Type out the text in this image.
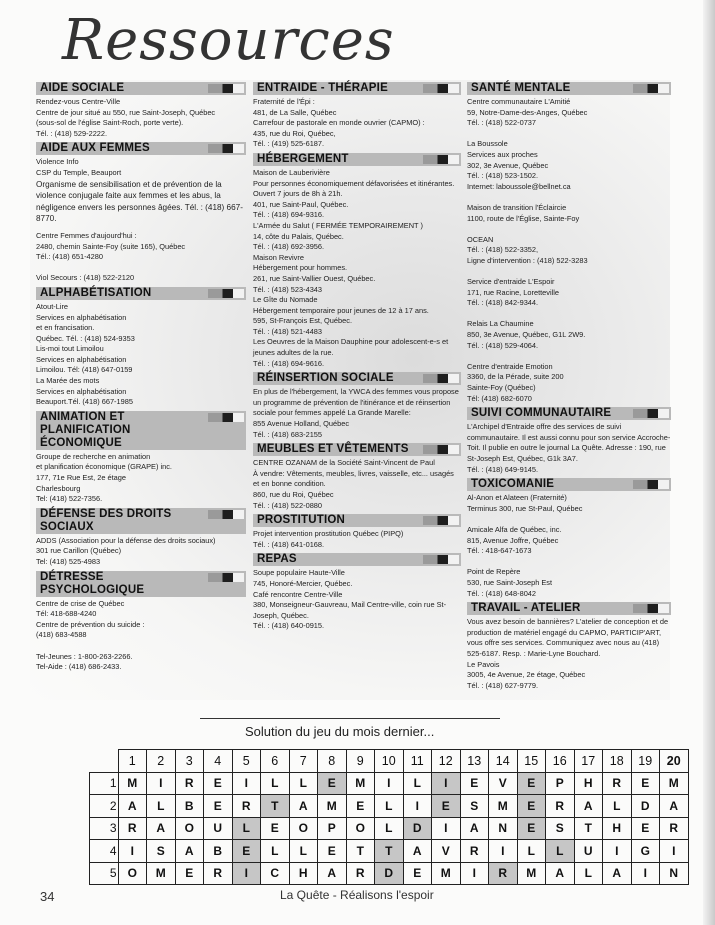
Ressources
AIDE SOCIALE
Rendez-vous Centre-Ville
Centre de jour situé au 550, rue Saint-Joseph, Québec
(sous-sol de l'église Saint-Roch, porte verte).
Tél. : (418) 529-2222.
AIDE AUX FEMMES
Violence Info
CSP du Temple, Beauport
Organisme de sensibilisation et de prévention de la violence conjugale faite aux femmes et les abus, la négligence envers les personnes âgées. Tél. : (418) 667-8770.
Centre Femmes d'aujourd'hui :
2480, chemin Sainte-Foy (suite 165), Québec
Tél.: (418) 651-4280

Viol Secours : (418) 522-2120
ALPHABÉTISATION
Atout-Lire
Services en alphabétisation
et en francisation.
Québec. Tél. : (418) 524-9353
Lis-moi tout Limoilou
Services en alphabétisation
Limoilou. Tél: (418) 647-0159
La Marée des mots
Services en alphabétisation
Beauport.Tél. (418) 667-1985
ANIMATION ET PLANIFICATION ÉCONOMIQUE
Groupe de recherche en animation
et planification économique (GRAPE) inc.
177, 71e Rue Est, 2e étage
Charlesbourg
Tel: (418) 522-7356.
DÉFENSE DES DROITS SOCIAUX
ADDS (Association pour la défense des droits sociaux)
301 rue Carillon (Québec)
Tel: (418) 525-4983
DÉTRESSE PSYCHOLOGIQUE
Centre de crise de Québec
Tél: 418-688-4240
Centre de prévention du suicide :
(418) 683-4588

Tel-Jeunes : 1-800-263-2266.
Tel-Aide : (418) 686-2433.
ENTRAIDE - THÉRAPIE
Fraternité de l'Épi :
481, de La Salle, Québec
Carrefour de pastorale en monde ouvrier (CAPMO) :
435, rue du Roi, Québec,
Tél. : (419) 525-6187.
HÉBERGEMENT
Maison de Lauberivière
Pour personnes économiquement défavorisées et itinérantes. Ouvert 7 jours de 8h à 21h.
401, rue Saint-Paul, Québec.
Tél. : (418) 694-9316.
L'Armée du Salut ( FERMÉE TEMPORAIREMENT )
14, côte du Palais, Québec.
Tél. : (418) 692-3956.
Maison Revivre
Hébergement pour hommes.
261, rue Saint-Vallier Ouest, Québec.
Tél. : (418) 523-4343
Le Gîte du Nomade
Hébergement temporaire pour jeunes de 12 à 17 ans.
595, St-François Est, Québec.
Tél. : (418) 521-4483
Les Oeuvres de la Maison Dauphine pour adolescent-e-s et jeunes adultes de la rue.
Tél. : (418) 694-9616.
RÉINSERTION SOCIALE
En plus de l'hébergement, la YWCA des femmes vous propose un programme de prévention de l'itinérance et de réinsertion sociale pour femmes appelé La Grande Marelle:
855 Avenue Holland, Québec
Tél. : (418) 683-2155
MEUBLES ET VÊTEMENTS
CENTRE OZANAM de la Société Saint-Vincent de Paul
À vendre: Vêtements, meubles, livres, vaisselle, etc... usagés et en bonne condition.
860, rue du Roi, Québec
Tél. : (418) 522-0880
PROSTITUTION
Projet intervention prostitution Québec (PIPQ)
Tél. : (418) 641-0168.
REPAS
Soupe populaire Haute-Ville
745, Honoré-Mercier, Québec.
Café rencontre Centre-Ville
380, Monseigneur-Gauvreau, Mail Centre-ville, coin rue St-Joseph, Québec.
Tél. : (418) 640-0915.
SANTÉ MENTALE
Centre communautaire L'Amitié
59, Notre-Dame-des-Anges, Québec
Tél. : (418) 522-0737

La Boussole
Services aux proches
302, 3e Avenue, Québec
Tél. : (418) 523-1502.
Internet: laboussole@bellnet.ca

Maison de transition l'Éclaircie
1100, route de l'Église, Sainte-Foy

OCEAN
Tél. : (418) 522-3352,
Ligne d'intervention : (418) 522-3283

Service d'entraide L'Espoir
171, rue Racine, Loretteville
Tél. : (418) 842-9344.

Relais La Chaumine
850, 3e Avenue, Québec, G1L 2W9.
Tél. : (418) 529-4064.

Centre d'entraide Emotion
3360, de la Pérade, suite 200
Sainte-Foy (Québec)
Tél: (418) 682-6070
SUIVI COMMUNAUTAIRE
L'Archipel d'Entraide offre des services de suivi communautaire. Il est aussi connu pour son service Accroche-Toit. Il publie en outre le journal La Quête. Adresse : 190, rue St-Joseph Est, Québec, G1k 3A7.
Tél. : (418) 649-9145.
TOXICOMANIE
Al-Anon et Alateen (Fraternité)
Terminus 300, rue St-Paul, Québec

Amicale Alfa de Québec, inc.
815, Avenue Joffre, Québec
Tél. : 418-647-1673

Point de Repère
530, rue Saint-Joseph Est
Tél. : (418) 648-8042
TRAVAIL - ATELIER
Vous avez besoin de bannières? L'atelier de conception et de production de matériel engagé du CAPMO, PARTICIP'ART, vous offre ses services. Communiquez avec nous au (418) 525-6187. Resp. : Marie-Lyne Bouchard.
Le Pavois
3005, 4e Avenue, 2e étage, Québec
Tél. : (418) 627-9779.
Solution du jeu du mois dernier...
	1	2	3	4	5	6	7	8	9	10	11	12	13	14	15	16	17	18	19	20
1	M	I	R	E	I	L	L	E	M	I	L	I	E	V	E	P	H	R	E	M
2	A	L	B	E	R	T	A	M	E	L	I	E	S	M	E	R	A	L	D	A
3	R	A	O	U	L	E	O	P	O	L	D	I	A	N	E	S	T	H	E	R
4	I	S	A	B	E	L	L	E	T	T	A	V	R	I	L	L	U	I	G	I
5	O	M	E	R	I	C	H	A	R	D	E	M	I	R	M	A	L	A	I	N
34	La Quête - Réalisons l'espoir
